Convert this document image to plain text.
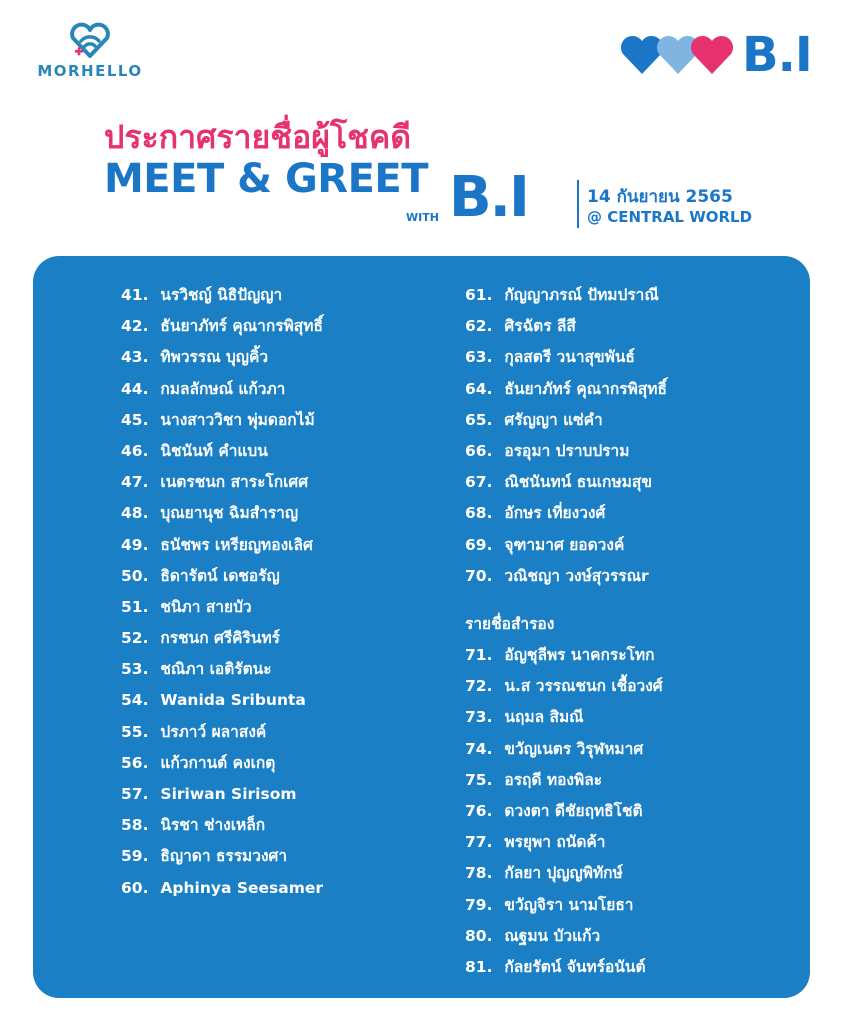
MORHELLO	B.I
ประกาศรายชื่อผู้โชคดี
MEET & GREET
WITH B.I	14 กันยายน 2565
@ CENTRAL WORLD
41. นรวิชญ์ นิธิปัญญา
42. ธันยาภัทร์ คุณากรพิสุทธิ์
43. ทิพวรรณ บุญคิ้ว
44. กมลลักษณ์ แก้วภา
45. นางสาววิชา พุ่มดอกไม้
46. นิชนันท์ คำแบน
47. เนตรชนก สาระโกเศศ
48. บุณยานุช ฉิมสำราญ
49. ธนัชพร เหรียญทองเลิศ
50. ธิดารัตน์ เดชอรัญ
51. ชนิภา สายบัว
52. กรชนก ศรีคิรินทร์
53. ชณิภา เอติรัตนะ
54. Wanida Sribunta
55. ปรภาว์ ผลาสงค์
56. แก้วกานต์ คงเกตุ
57. Siriwan Sirisom
58. นิรชา ช่างเหล็ก
59. ธิญาดา ธรรมวงศา
60. Aphinya Seesamer
61. กัญญาภรณ์ ปัทมปราณี
62. ศิรฉัตร ลีสี
63. กุลสตรี วนาสุขพันธ์
64. ธันยาภัทร์ คุณากรพิสุทธิ์
65. ศรัญญา แซ่คำ
66. อรอุมา ปราบปราม
67. ณิชนันทน์ ธนเกษมสุข
68. อักษร เที่ยงวงศ์
69. จุฑามาศ ยอดวงค์
70. วณิชญา วงษ์สุวรรณr
รายชื่อสำรอง
71. อัญชุลีพร นาคกระโทก
72. น.ส วรรณชนก เชื้อวงศ์
73. นฤมล สิมณี
74. ขวัญเนตร วิรุฬหมาศ
75. อรฤดี ทองพิละ
76. ดวงตา ดีชัยฤทธิโชติ
77. พรยุพา ถนัดค้า
78. กัลยา ปุญญพิทักษ์
79. ขวัญจิรา นามโยธา
80. ณฐมน บัวแก้ว
81. กัลยรัตน์ จันทร์อนันต์
